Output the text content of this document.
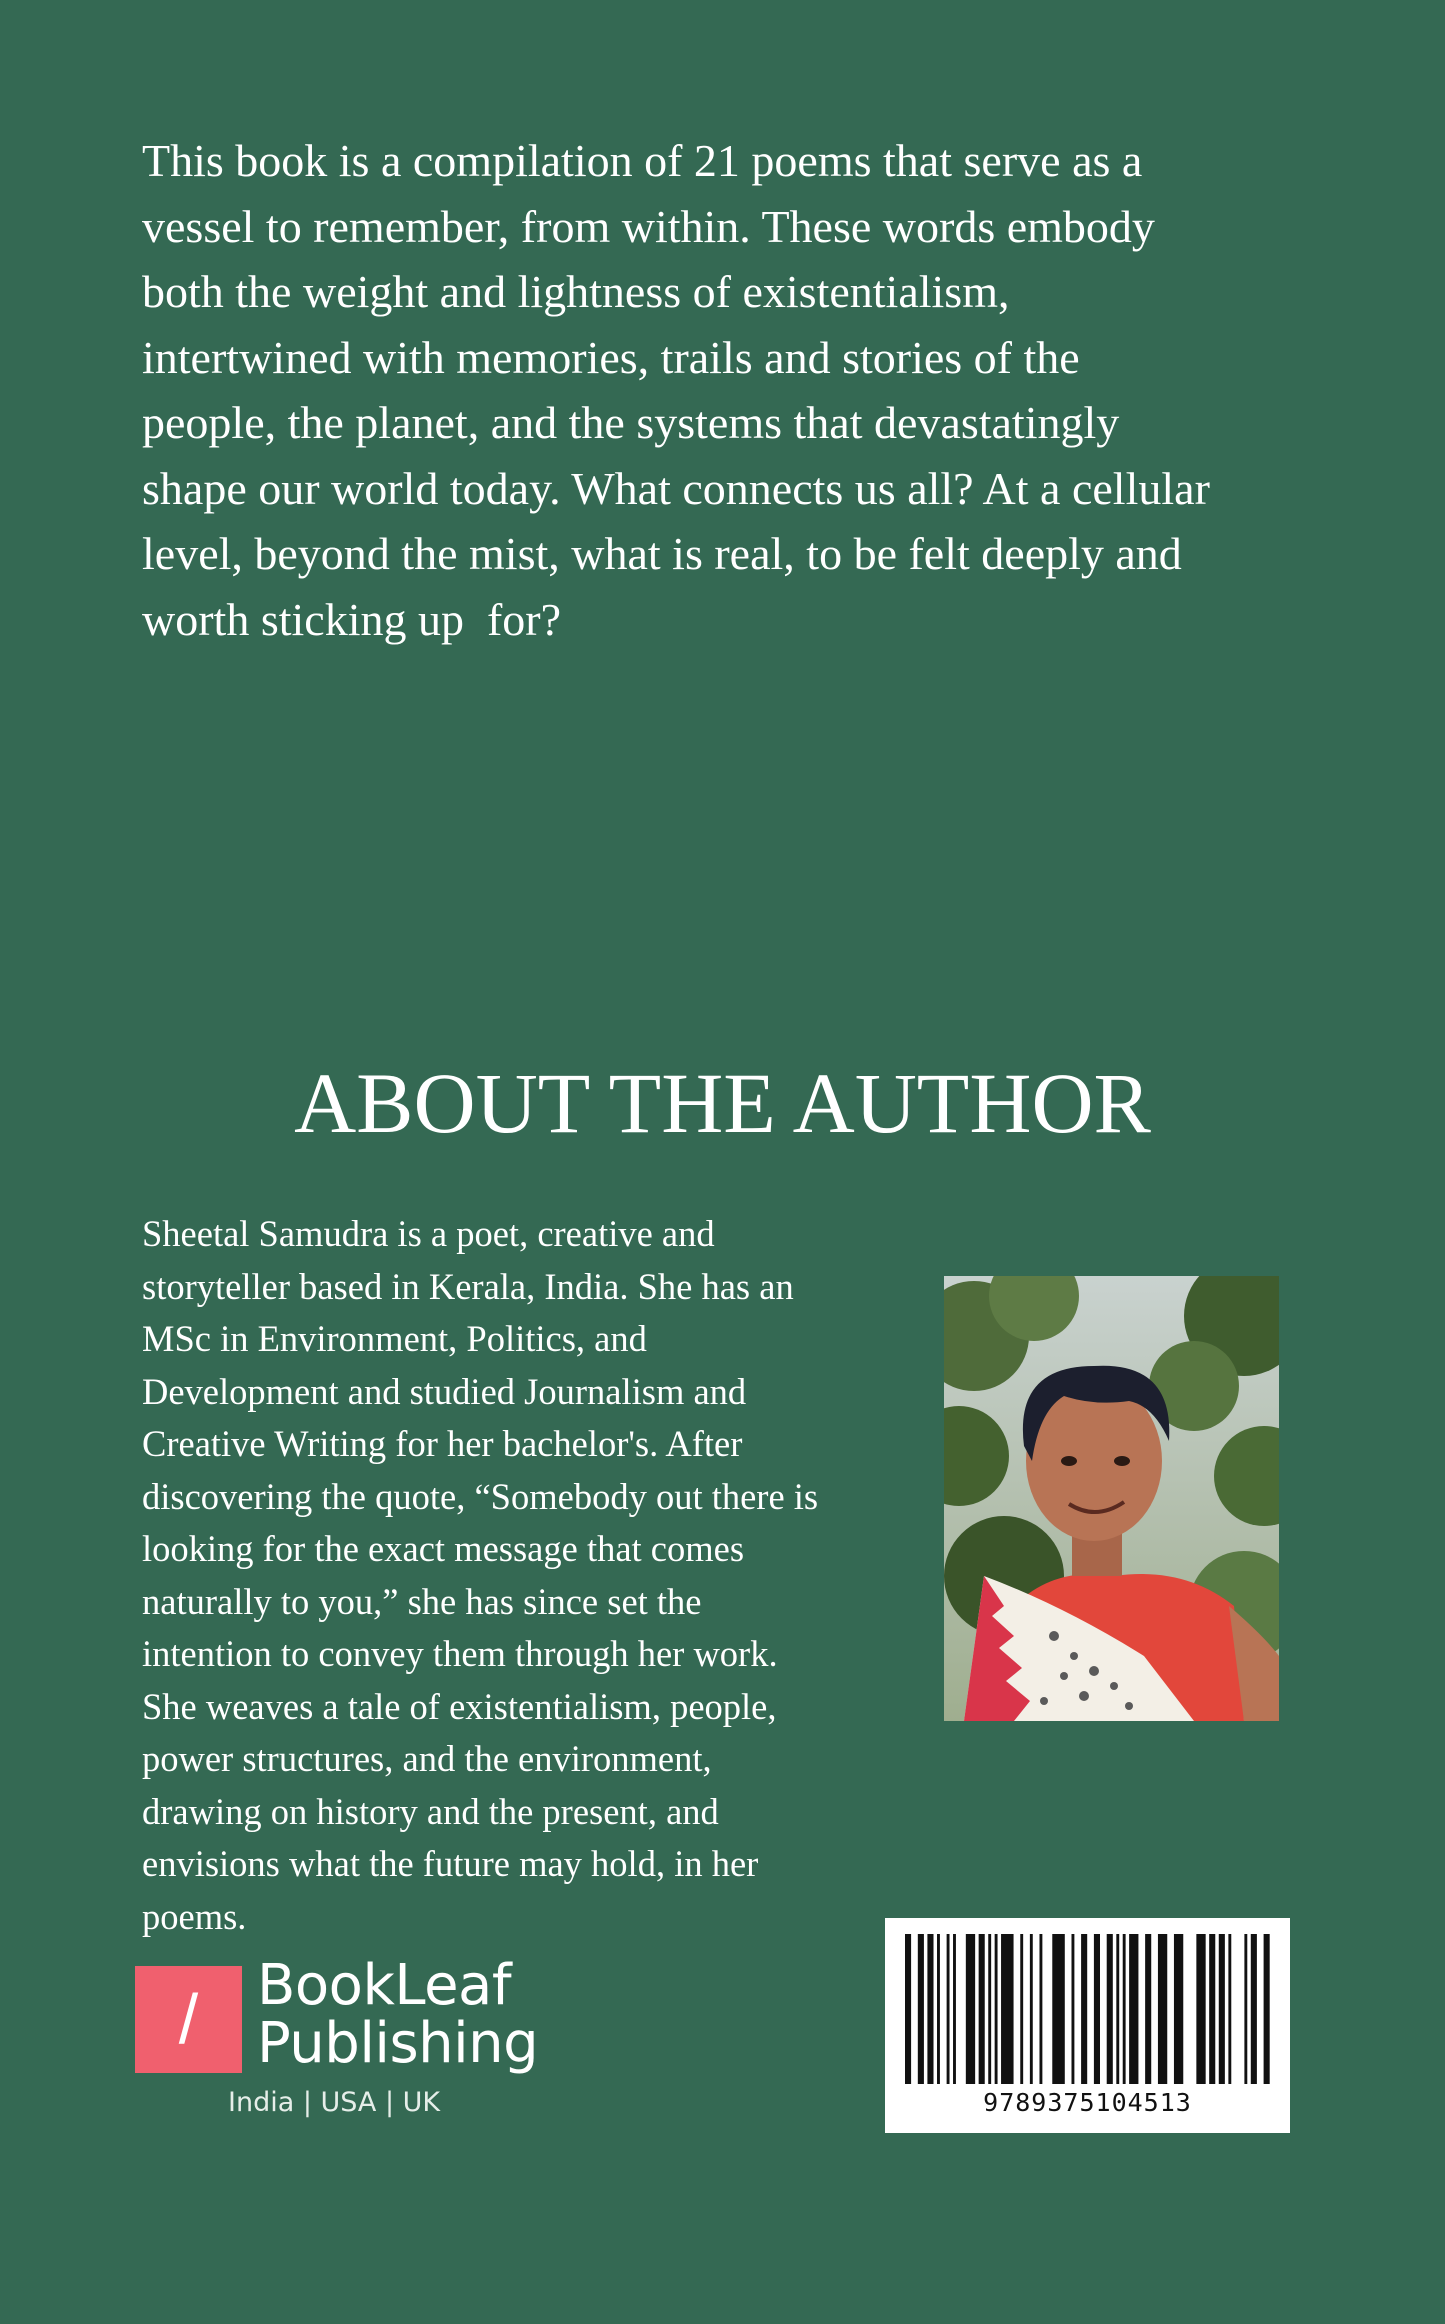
This book is a compilation of 21 poems that serve as a
vessel to remember, from within. These words embody
both the weight and lightness of existentialism,
intertwined with memories, trails and stories of the
people, the planet, and the systems that devastatingly
shape our world today. What connects us all? At a cellular
level, beyond the mist, what is real, to be felt deeply and
worth sticking up  for?

ABOUT THE AUTHOR
Sheetal Samudra is a poet, creative and
storyteller based in Kerala, India. She has an
MSc in Environment, Politics, and
Development and studied Journalism and
Creative Writing for her bachelor's. After
discovering the quote, “Somebody out there is
looking for the exact message that comes
naturally to you,” she has since set the
intention to convey them through her work.
She weaves a tale of existentialism, people,
power structures, and the environment,
drawing on history and the present, and
envisions what the future may hold, in her
poems.
/	BookLeaf
Publishing
India | USA | UK	9789375104513
